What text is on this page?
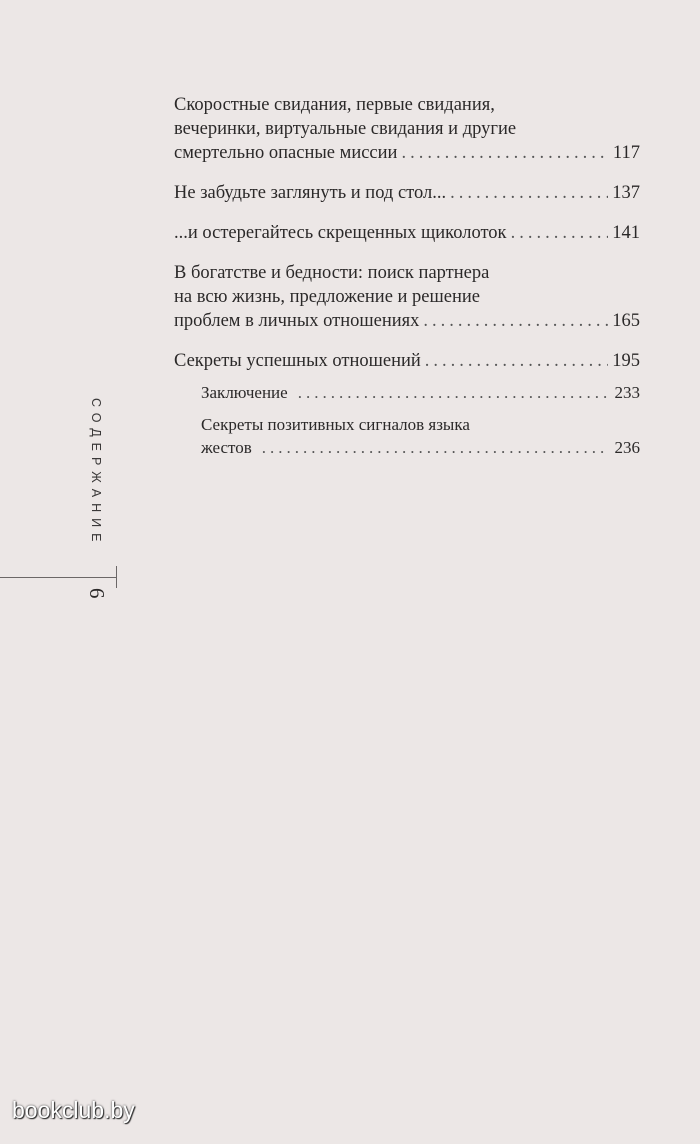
Скоростные свидания, первые свидания,
вечеринки, виртуальные свидания и другие
смертельно опасные миссии .....	117
Не забудьте заглянуть и под стол... .....	137
...и остерегайтесь скрещенных щиколоток .....	141
В богатстве и бедности: поиск партнера
на всю жизнь, предложение и решение
проблем в личных отношениях .....	165
Секреты успешных отношений .....	195
Заключение .....	233
Секреты позитивных сигналов языка
жестов .....	236
СОДЕРЖАНИЕ
6
bookclub.by
